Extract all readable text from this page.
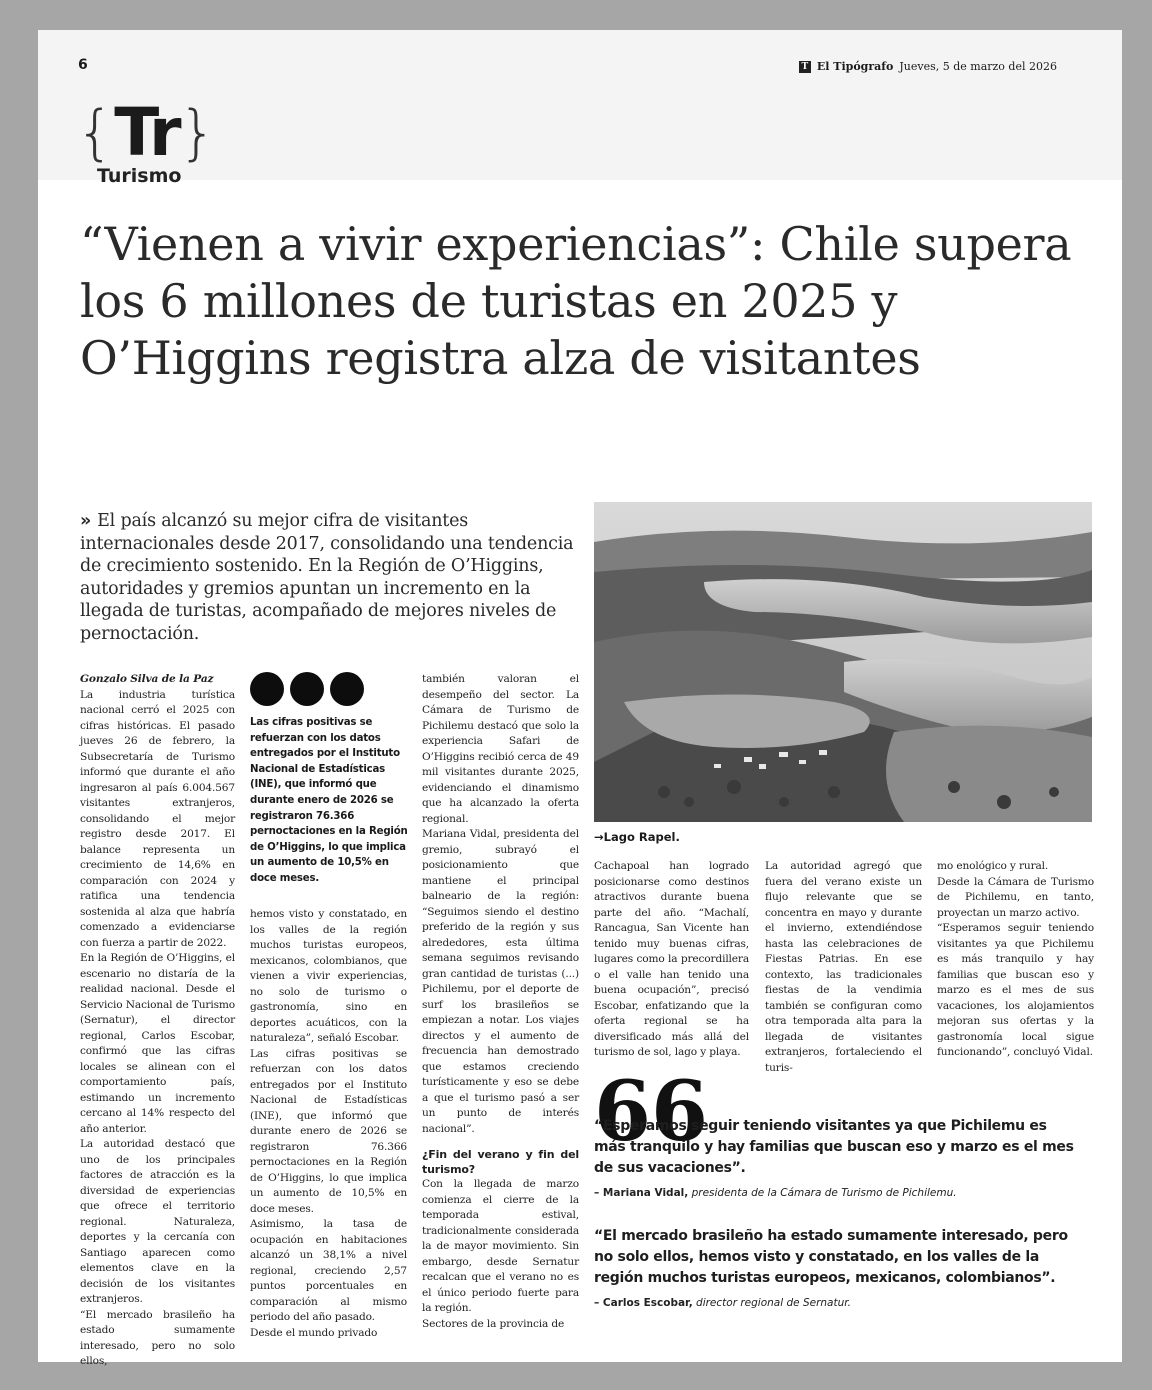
6	T El Tipógrafo Jueves, 5 de marzo del 2026
{Tr}
Turismo
“Vienen a vivir experiencias”: Chile supera los 6 millones de turistas en 2025 y O’Higgins registra alza de visitantes
» El país alcanzó su mejor cifra de visitantes internacionales desde 2017, consolidando una tendencia de crecimiento sostenido. En la Región de O’Higgins, autoridades y gremios apuntan un incremento en la llegada de turistas, acompañado de mejores niveles de pernoctación.
→Lago Rapel.

Gonzalo Silva de la Paz

La industria turística nacional cerró el 2025 con cifras históricas. El pasado jueves 26 de febrero, la Subsecretaría de Turismo informó que durante el año ingresaron al país 6.004.567 visitantes extranjeros, consolidando el mejor registro desde 2017. El balance representa un crecimiento de 14,6% en comparación con 2024 y ratifica una tendencia sostenida al alza que habría comenzado a evidenciarse con fuerza a partir de 2022.

En la Región de O’Higgins, el escenario no distaría de la realidad nacional. Desde el Servicio Nacional de Turismo (Sernatur), el director regional, Carlos Escobar, confirmó que las cifras locales se alinean con el comportamiento país, estimando un incremento cercano al 14% respecto del año anterior.

La autoridad destacó que uno de los principales factores de atracción es la diversidad de experiencias que ofrece el territorio regional. Naturaleza, deportes y la cercanía con Santiago aparecen como elementos clave en la decisión de los visitantes extranjeros.

“El mercado brasileño ha estado sumamente interesado, pero no solo ellos,

Las cifras positivas se refuerzan con los datos entregados por el Instituto Nacional de Estadísticas (INE), que informó que durante enero de 2026 se registraron 76.366 pernoctaciones en la Región de O’Higgins, lo que implica un aumento de 10,5% en doce meses.

hemos visto y constatado, en los valles de la región muchos turistas europeos, mexicanos, colombianos, que vienen a vivir experiencias, no solo de turismo o gastronomía, sino en deportes acuáticos, con la naturaleza”, señaló Escobar.

Las cifras positivas se refuerzan con los datos entregados por el Instituto Nacional de Estadísticas (INE), que informó que durante enero de 2026 se registraron 76.366 pernoctaciones en la Región de O’Higgins, lo que implica un aumento de 10,5% en doce meses.

Asimismo, la tasa de ocupación en habitaciones alcanzó un 38,1% a nivel regional, creciendo 2,57 puntos porcentuales en comparación al mismo periodo del año pasado.

Desde el mundo privado

también valoran el desempeño del sector. La Cámara de Turismo de Pichilemu destacó que solo la experiencia Safari de O’Higgins recibió cerca de 49 mil visitantes durante 2025, evidenciando el dinamismo que ha alcanzado la oferta regional.

Mariana Vidal, presidenta del gremio, subrayó el posicionamiento que mantiene el principal balneario de la región: “Seguimos siendo el destino preferido de la región y sus alrededores, esta última semana seguimos revisando gran cantidad de turistas (...) Pichilemu, por el deporte de surf los brasileños se empiezan a notar. Los viajes directos y el aumento de frecuencia han demostrado que estamos creciendo turísticamente y eso se debe a que el turismo pasó a ser un punto de interés nacional”.

¿Fin del verano y fin del turismo?

Con la llegada de marzo comienza el cierre de la temporada estival, tradicionalmente considerada la de mayor movimiento. Sin embargo, desde Sernatur recalcan que el verano no es el único periodo fuerte para la región.

Sectores de la provincia de

Cachapoal han logrado posicionarse como destinos atractivos durante buena parte del año. “Machalí, Rancagua, San Vicente han tenido muy buenas cifras, lugares como la precordillera o el valle han tenido una buena ocupación”, precisó Escobar, enfatizando que la oferta regional se ha diversificado más allá del turismo de sol, lago y playa.

La autoridad agregó que fuera del verano existe un flujo relevante que se concentra en mayo y durante el invierno, extendiéndose hasta las celebraciones de Fiestas Patrias. En ese contexto, las tradicionales fiestas de la vendimia también se configuran como otra temporada alta para la llegada de visitantes extranjeros, fortaleciendo el turis-

mo enológico y rural.

Desde la Cámara de Turismo de Pichilemu, en tanto, proyectan un marzo activo.

“Esperamos seguir teniendo visitantes ya que Pichilemu es más tranquilo y hay familias que buscan eso y marzo es el mes de sus vacaciones, los alojamientos mejoran sus ofertas y la gastronomía local sigue funcionando”, concluyó Vidal.

66
“Esperamos seguir teniendo visitantes ya que Pichilemu es más tranquilo y hay familias que buscan eso y marzo es el mes de sus vacaciones”.
– Mariana Vidal, presidenta de la Cámara de Turismo de Pichilemu.
“El mercado brasileño ha estado sumamente interesado, pero no solo ellos, hemos visto y constatado, en los valles de la región muchos turistas europeos, mexicanos, colombianos”.
– Carlos Escobar, director regional de Sernatur.
